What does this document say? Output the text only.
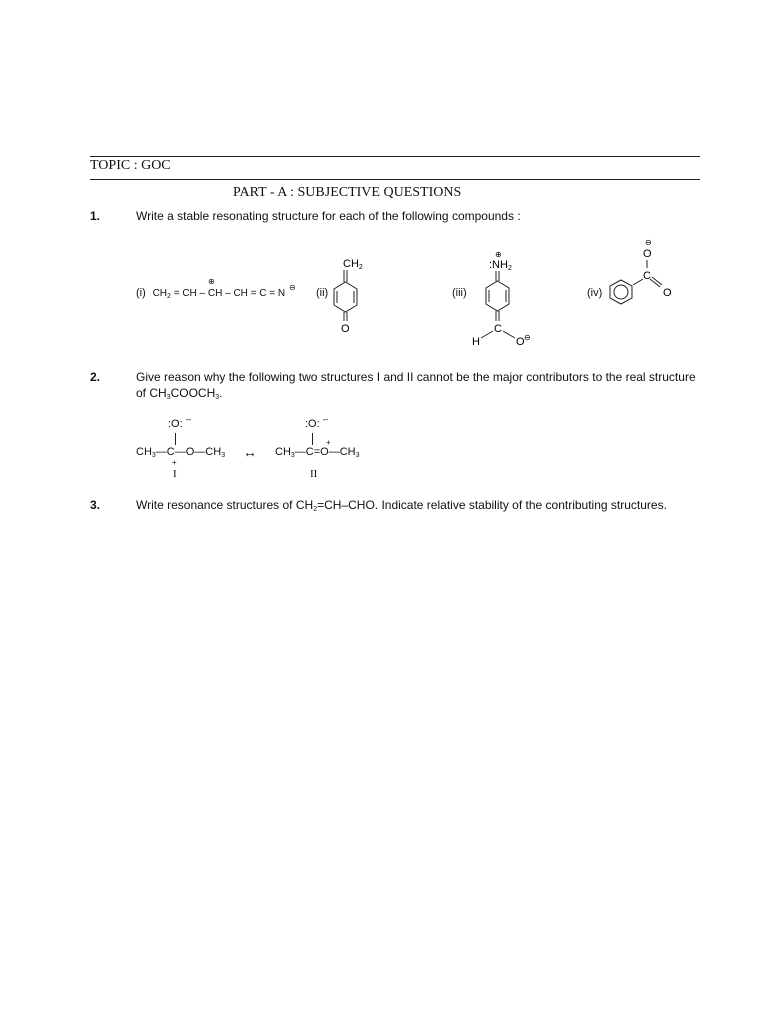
TOPIC : GOC
PART - A : SUBJECTIVE QUESTIONS
1.	Write a stable resonating structure for each of the following compounds :
(i) $CH_2$ = CH – CH – CH = C = N
⊕
⊖ (ii)
CH2
O
(iii)
⊕
:NH2
C
H	O ⊖
(iv)
⊖
O
C
O
2.	Give reason why the following two structures I and II cannot be the major contributors to the real structure
of $CH_3COOCH_3$.
:O: –
$CH_3—C—O—CH_3$
+
I
↔
:O: –
+
$CH_3—C=O—CH_3$
II
3.	Write resonance structures of $CH_2=CH$–CHO. Indicate relative stability of the contributing structures.
